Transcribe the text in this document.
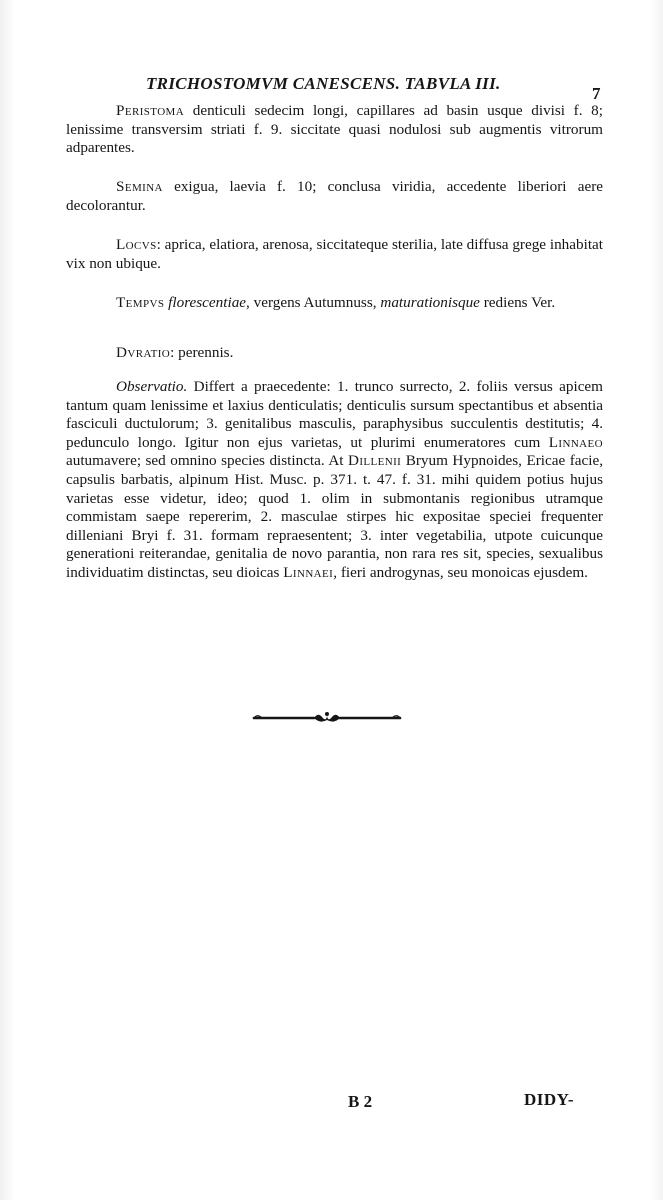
TRICHOSTOMVM CANESCENS. TABVLA III.
7

Peristoma denticuli sedecim longi, capillares ad basin usque divisi f. 8; lenissime transversim striati f. 9. siccitate quasi nodulosi sub augmentis vitrorum adparentes.

Semina exigua, laevia f. 10; conclusa viridia, accedente liberiori aere decolorantur.

Locvs: aprica, elatiora, arenosa, siccitateque sterilia, late diffusa grege inhabitat vix non ubique.

Tempvs florescentiae, vergens Autumnuss, maturationisque rediens Ver.

Dvratio: perennis.

Observatio. Differt a praecedente: 1. trunco surrecto, 2. foliis versus apicem tantum quam lenissime et laxius denticulatis; denticulis sursum spectantibus et absentia fasciculi ductulorum; 3. genitalibus masculis, paraphysibus succulentis destitutis; 4. pedunculo longo. Igitur non ejus varietas, ut plurimi enumeratores cum Linnaeo autumavere; sed omnino species distincta. At Dillenii Bryum Hypnoides, Ericae facie, capsulis barbatis, alpinum Hist. Musc. p. 371. t. 47. f. 31. mihi quidem potius hujus varietas esse videtur, ideo; quod 1. olim in submontanis regionibus utramque commistam saepe repererim, 2. masculae stirpes hic expositae speciei frequenter dilleniani Bryi f. 31. formam repraesentent; 3. inter vegetabilia, utpote cuicunque generationi reiterandae, genitalia de novo parantia, non rara res sit, species, sexualibus individuatim distinctas, seu dioicas Linnaei, fieri androgynas, seu monoicas ejusdem.

B 2	DIDY-
